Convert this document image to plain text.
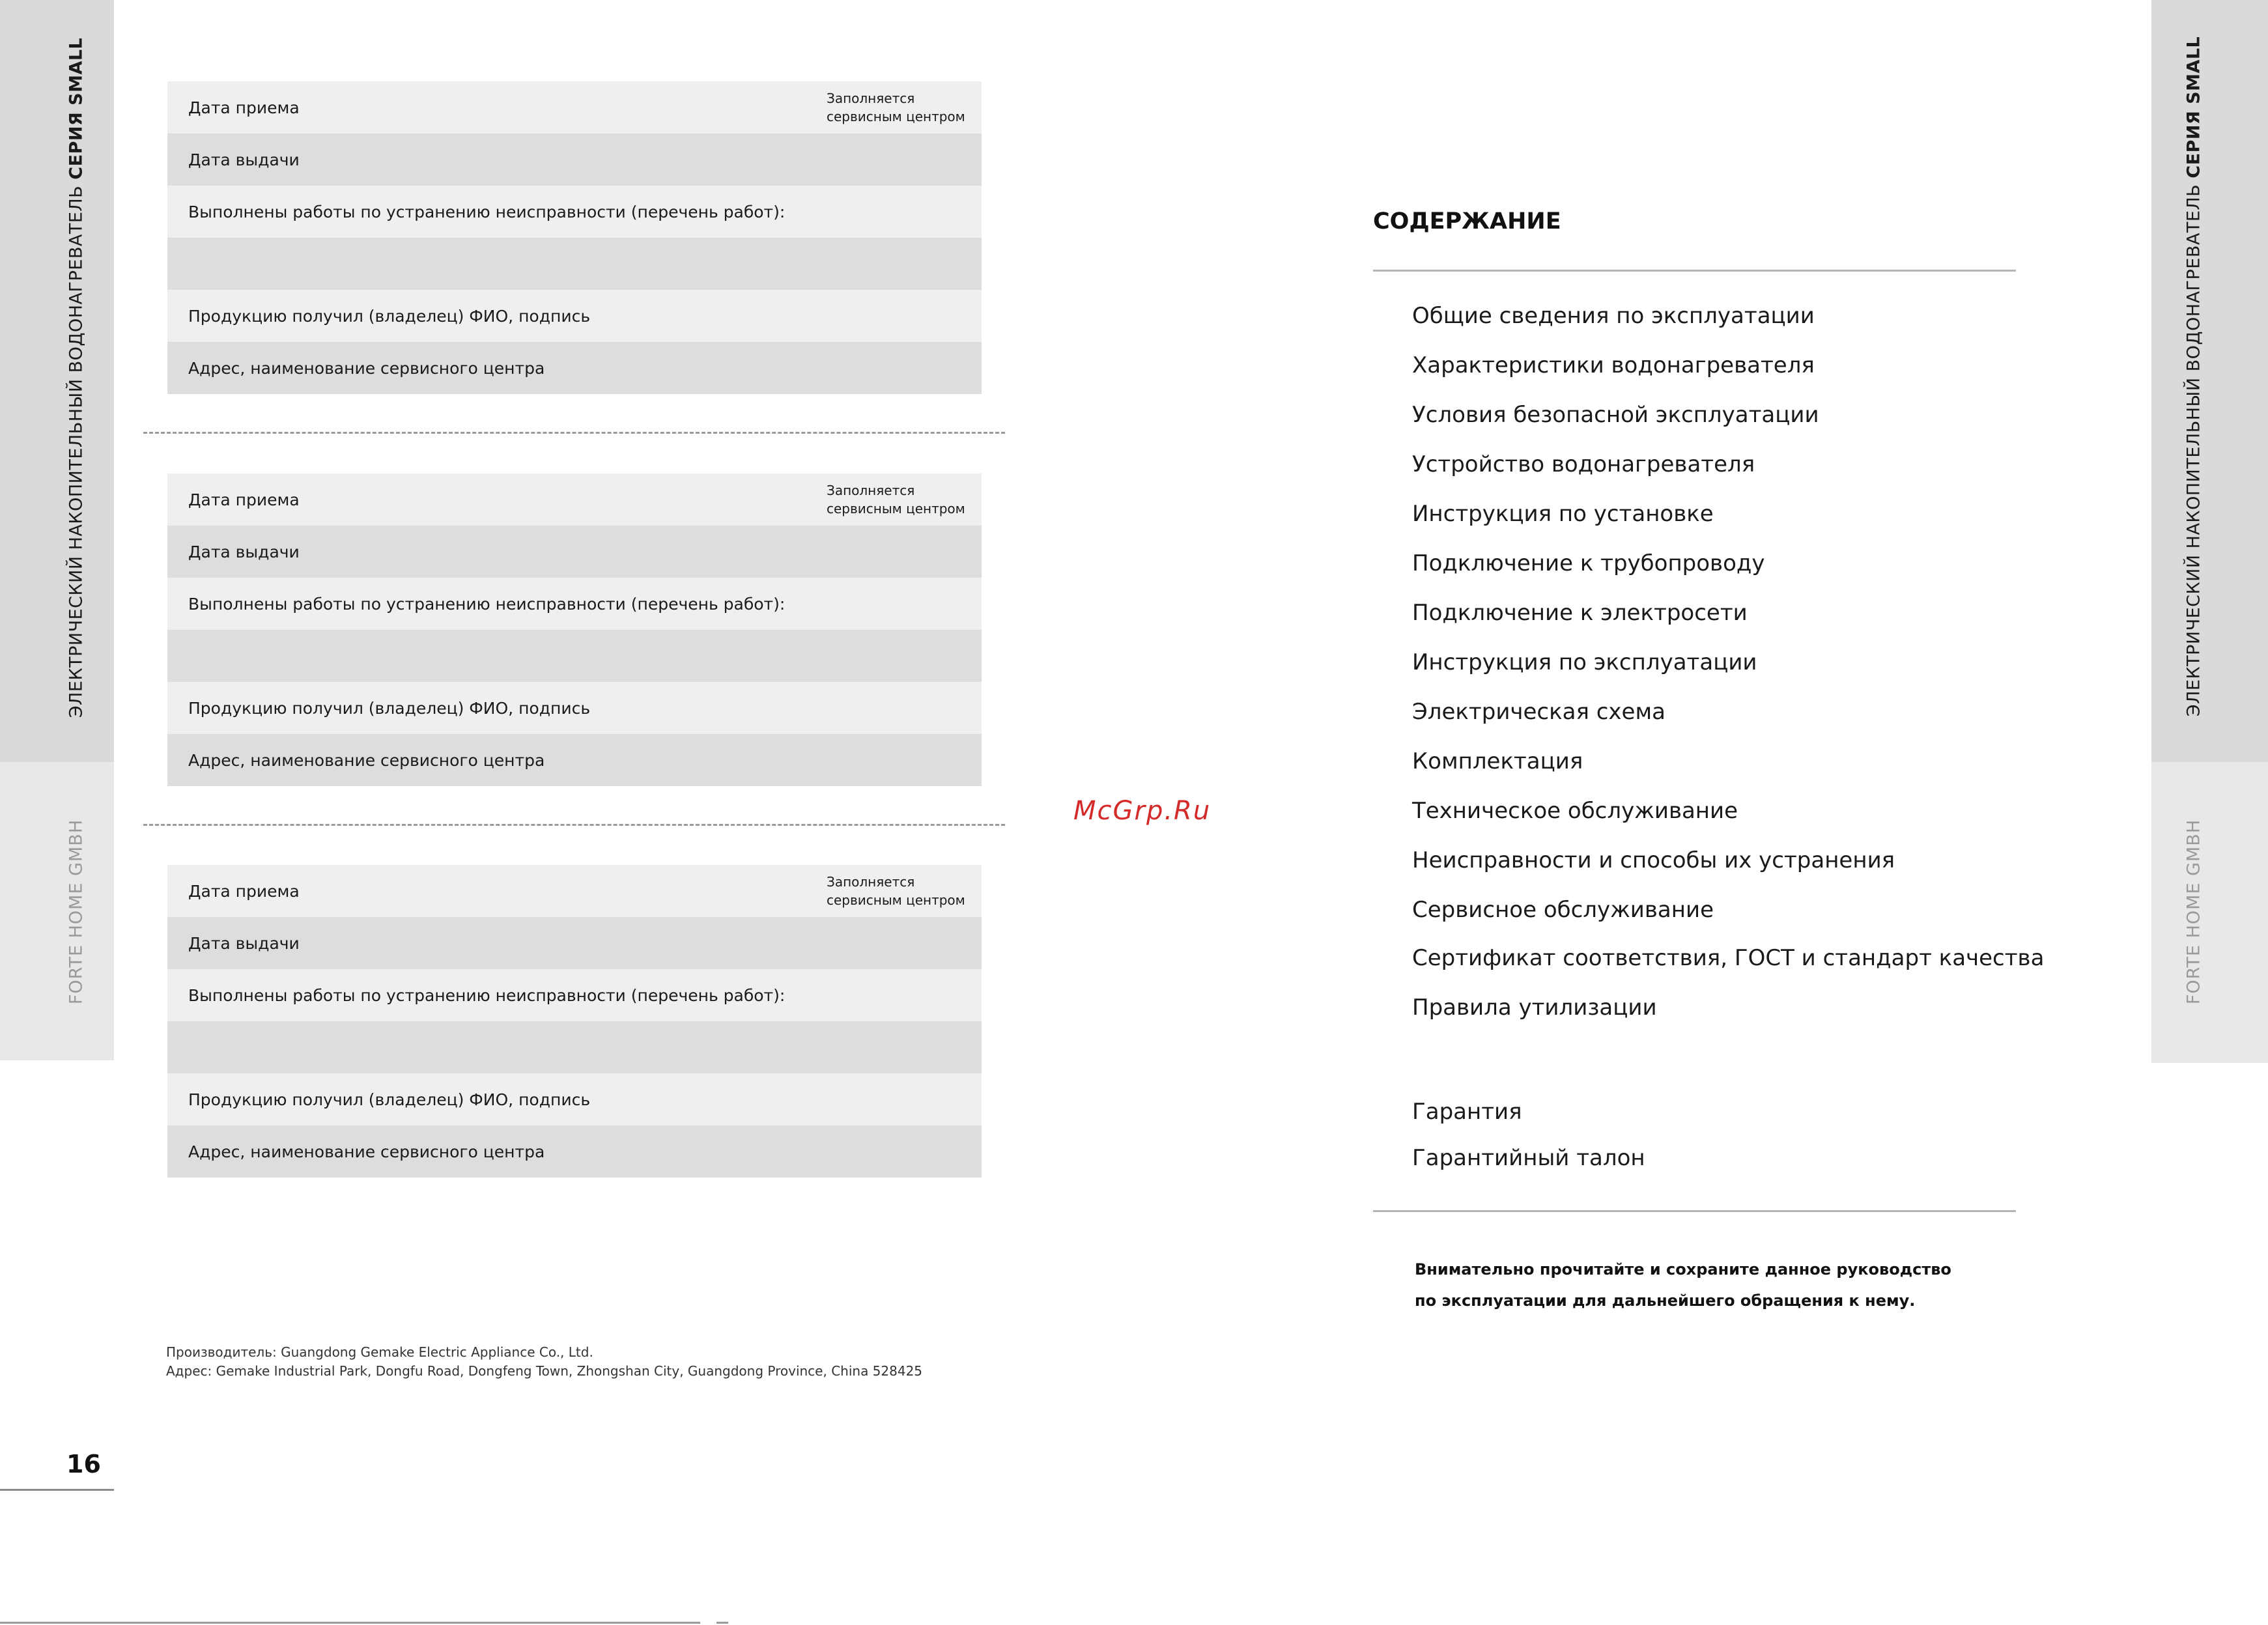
ЭЛЕКТРИЧЕСКИЙ НАКОПИТЕЛЬНЫЙ ВОДОНАГРЕВАТЕЛЬ СЕРИЯ SMALL
FORTE HOME GMBH
ЭЛЕКТРИЧЕСКИЙ НАКОПИТЕЛЬНЫЙ ВОДОНАГРЕВАТЕЛЬ СЕРИЯ SMALL
FORTE HOME GMBH
Дата приема	Заполняется
сервисным центром
Дата выдачи
Выполнены работы по устранению неисправности (перечень работ):
Продукцию получил (владелец) ФИО, подпись
Адрес, наименование сервисного центра
Дата приема	Заполняется
сервисным центром
Дата выдачи
Выполнены работы по устранению неисправности (перечень работ):
Продукцию получил (владелец) ФИО, подпись
Адрес, наименование сервисного центра
Дата приема	Заполняется
сервисным центром
Дата выдачи
Выполнены работы по устранению неисправности (перечень работ):
Продукцию получил (владелец) ФИО, подпись
Адрес, наименование сервисного центра
Производитель: Guangdong Gemake Electric Appliance Co., Ltd.
Адрес: Gemake Industrial Park, Dongfu Road, Dongfeng Town, Zhongshan City, Guangdong Province, China 528425
16
McGrp.Ru
СОДЕРЖАНИЕ
Общие сведения по эксплуатации
Характеристики водонагревателя
Условия безопасной эксплуатации
Устройство водонагревателя
Инструкция по установке
Подключение к трубопроводу
Подключение к электросети
Инструкция по эксплуатации
Электрическая схема
Комплектация
Техническое обслуживание
Неисправности и способы их устранения
Сервисное обслуживание
Сертификат соответствия, ГОСТ и стандарт качества
Правила утилизации
Гарантия
Гарантийный талон
Внимательно прочитайте и сохраните данное руководство
по эксплуатации для дальнейшего обращения к нему.
